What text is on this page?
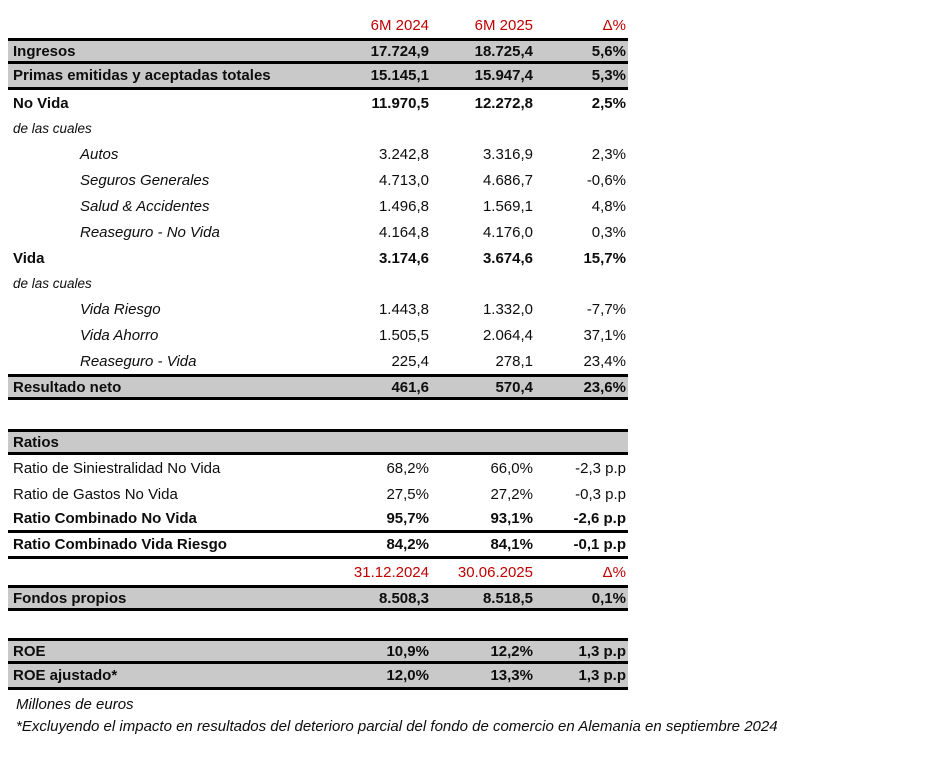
6M 2024	6M 2025	Δ%
Ingresos	17.724,9	18.725,4	5,6%
Primas emitidas y aceptadas totales	15.145,1	15.947,4	5,3%
No Vida	11.970,5	12.272,8	2,5%
de las cuales
Autos	3.242,8	3.316,9	2,3%
Seguros Generales	4.713,0	4.686,7	-0,6%
Salud & Accidentes	1.496,8	1.569,1	4,8%
Reaseguro - No Vida	4.164,8	4.176,0	0,3%
Vida	3.174,6	3.674,6	15,7%
de las cuales
Vida Riesgo	1.443,8	1.332,0	-7,7%
Vida Ahorro	1.505,5	2.064,4	37,1%
Reaseguro - Vida	225,4	278,1	23,4%
Resultado neto	461,6	570,4	23,6%
Ratios
Ratio de Siniestralidad No Vida	68,2%	66,0%	-2,3 p.p
Ratio de Gastos No Vida	27,5%	27,2%	-0,3 p.p
Ratio Combinado No Vida	95,7%	93,1%	-2,6 p.p
Ratio Combinado Vida Riesgo	84,2%	84,1%	-0,1 p.p
31.12.2024	30.06.2025	Δ%
Fondos propios	8.508,3	8.518,5	0,1%
ROE	10,9%	12,2%	1,3 p.p
ROE ajustado*	12,0%	13,3%	1,3 p.p
Millones de euros
*Excluyendo el impacto en resultados del deterioro parcial del fondo de comercio en Alemania en septiembre 2024
